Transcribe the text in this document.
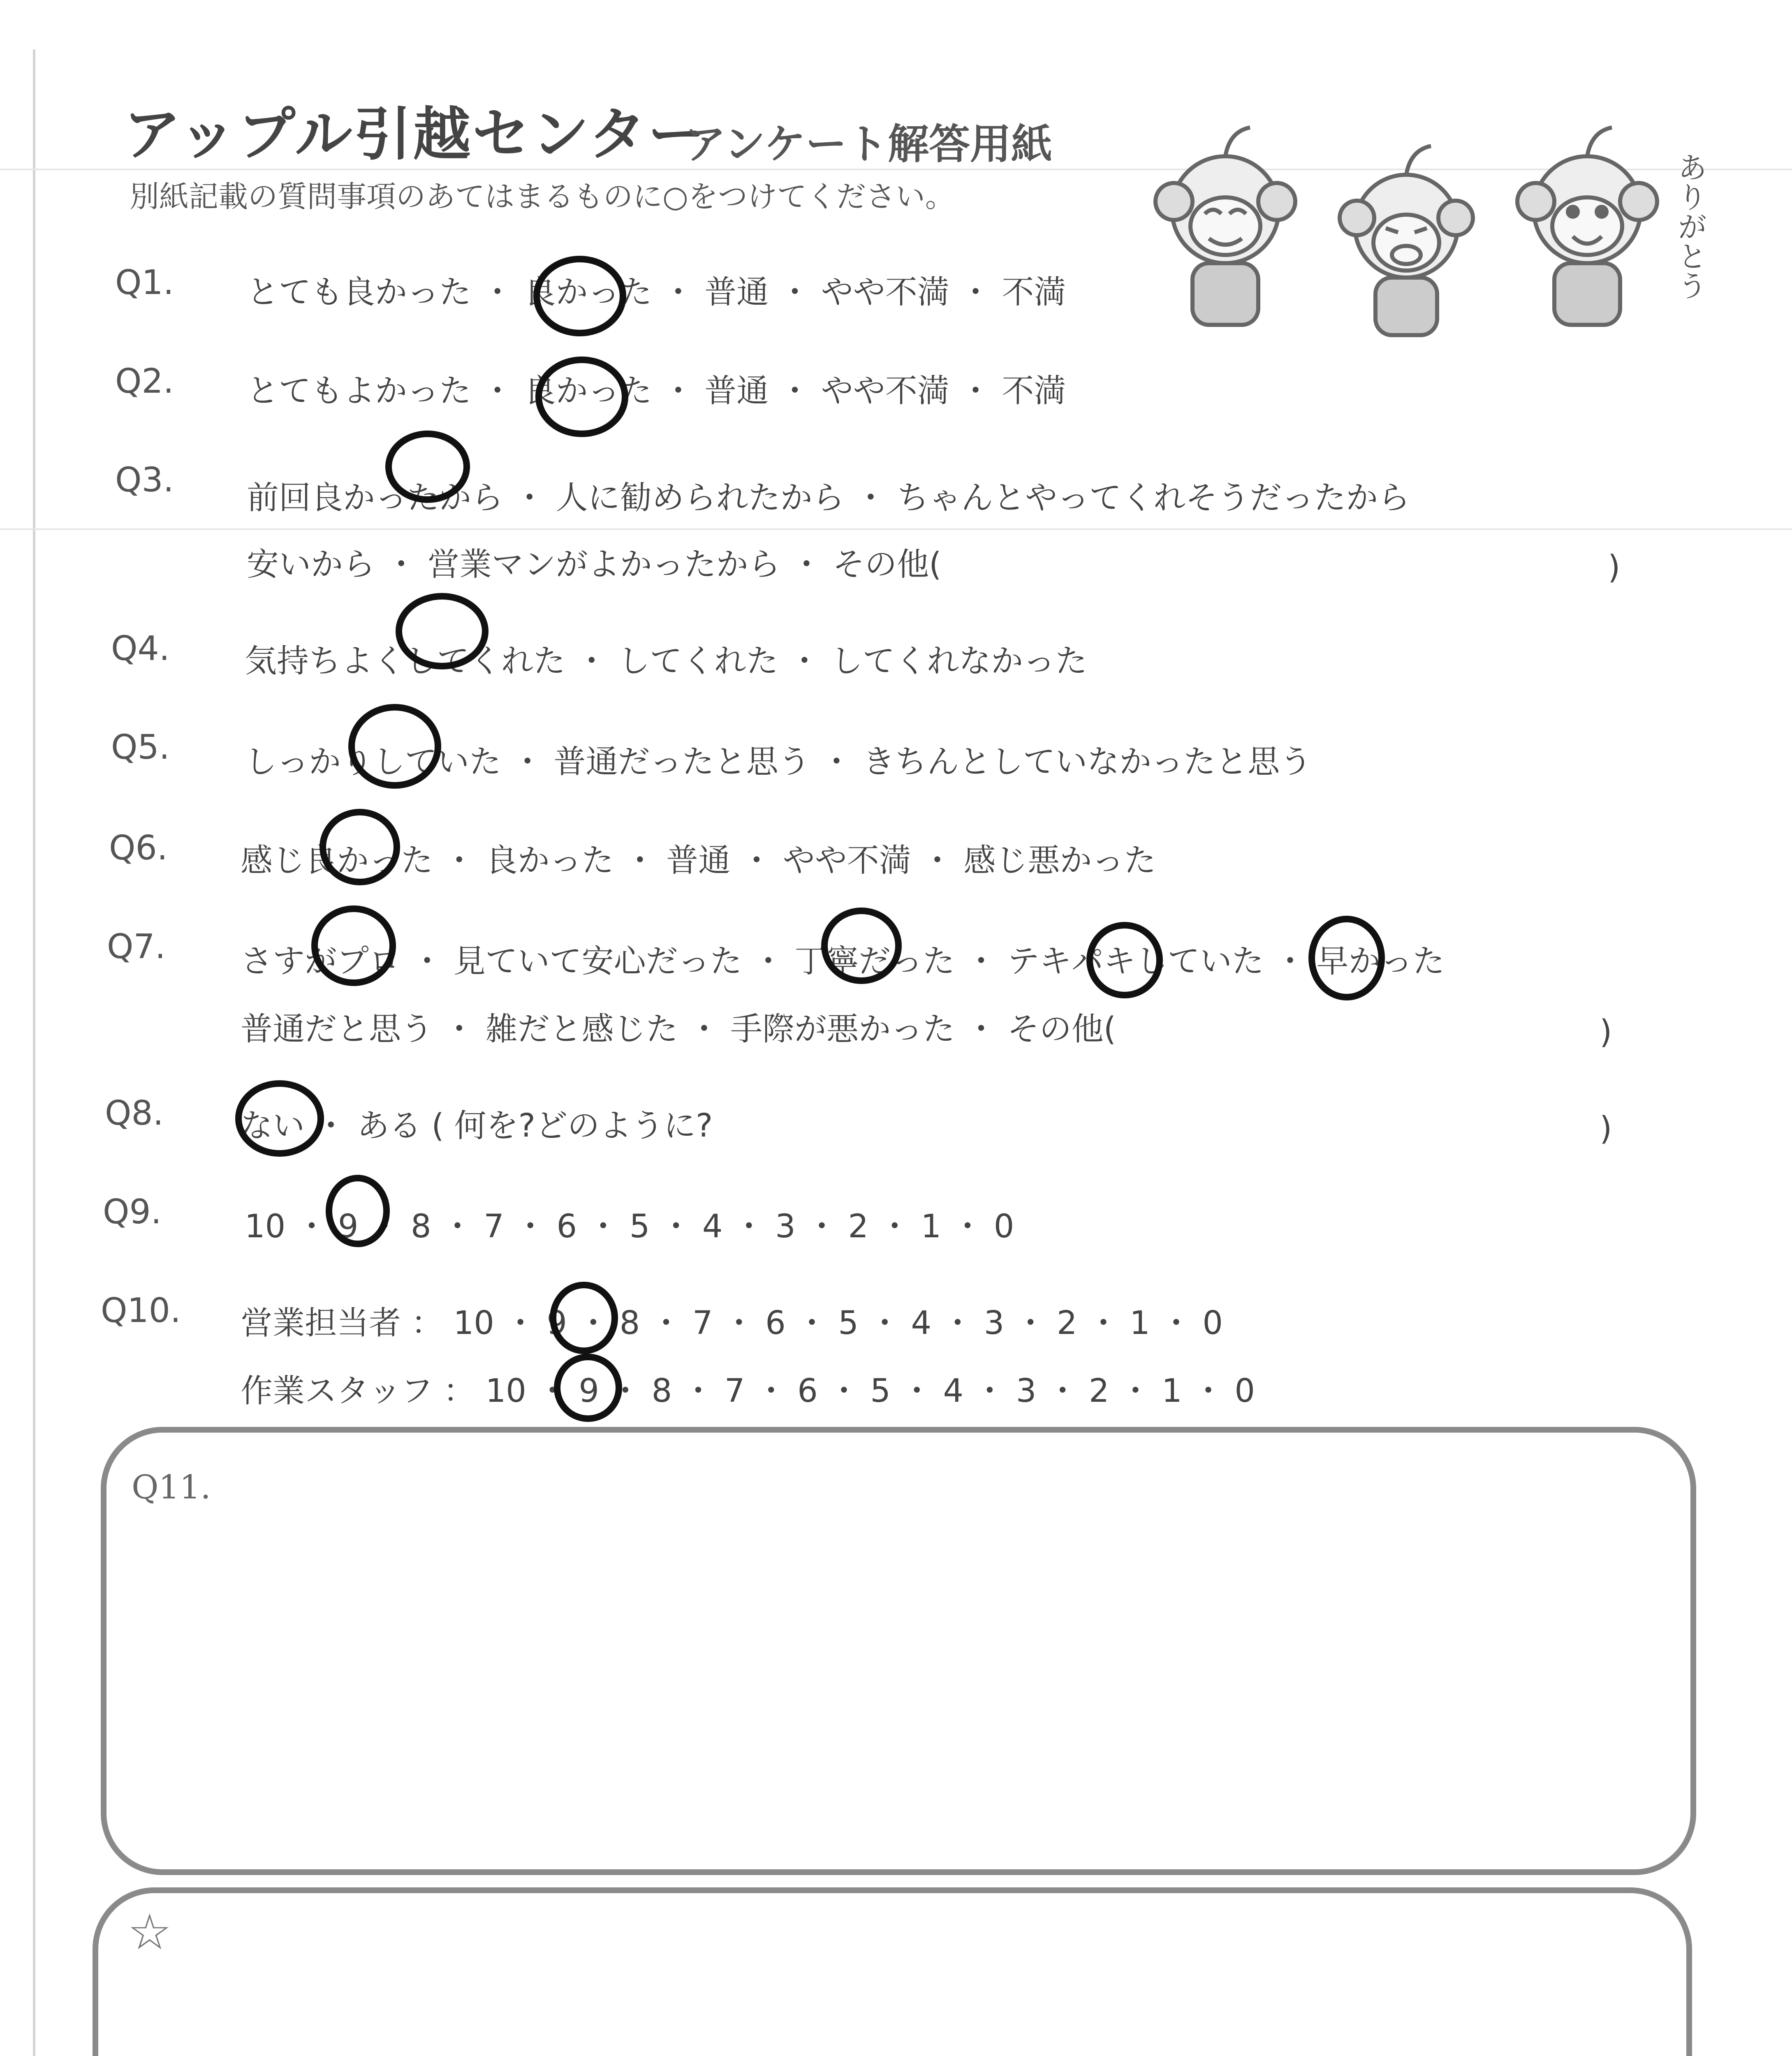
アップル引越センター
アンケート解答用紙
別紙記載の質問事項のあてはまるものに○をつけてください。	ありがとう
Q1. とても良かった ・ 良かった ・ 普通 ・ やや不満 ・ 不満
Q2. とてもよかった ・ 良かった ・ 普通 ・ やや不満 ・ 不満
Q3. 前回良かったから ・ 人に勧められたから ・ ちゃんとやってくれそうだったから
安いから ・ 営業マンがよかったから ・ その他(	)
Q4. 気持ちよくしてくれた ・ してくれた ・ してくれなかった
Q5. しっかりしていた ・ 普通だったと思う ・ きちんとしていなかったと思う
Q6. 感じ良かった ・ 良かった ・ 普通 ・ やや不満 ・ 感じ悪かった
Q7. さすがプロ ・ 見ていて安心だった ・ 丁寧だった ・ テキパキしていた ・ 早かった
普通だと思う ・ 雑だと感じた ・ 手際が悪かった ・ その他(	)
Q8. ない ・ ある ( 何を?どのように?	)
Q9.	10 ・ 9 ・ 8 ・ 7 ・ 6 ・ 5 ・ 4 ・ 3 ・ 2 ・ 1 ・ 0
Q10. 営業担当者 ： 10 ・ 9 ・ 8 ・ 7 ・ 6 ・ 5 ・ 4 ・ 3 ・ 2 ・ 1 ・ 0
作業スタッフ ： 10 ・ 9 ・ 8 ・ 7 ・ 6 ・ 5 ・ 4 ・ 3 ・ 2 ・ 1 ・ 0
Q11.
☆
